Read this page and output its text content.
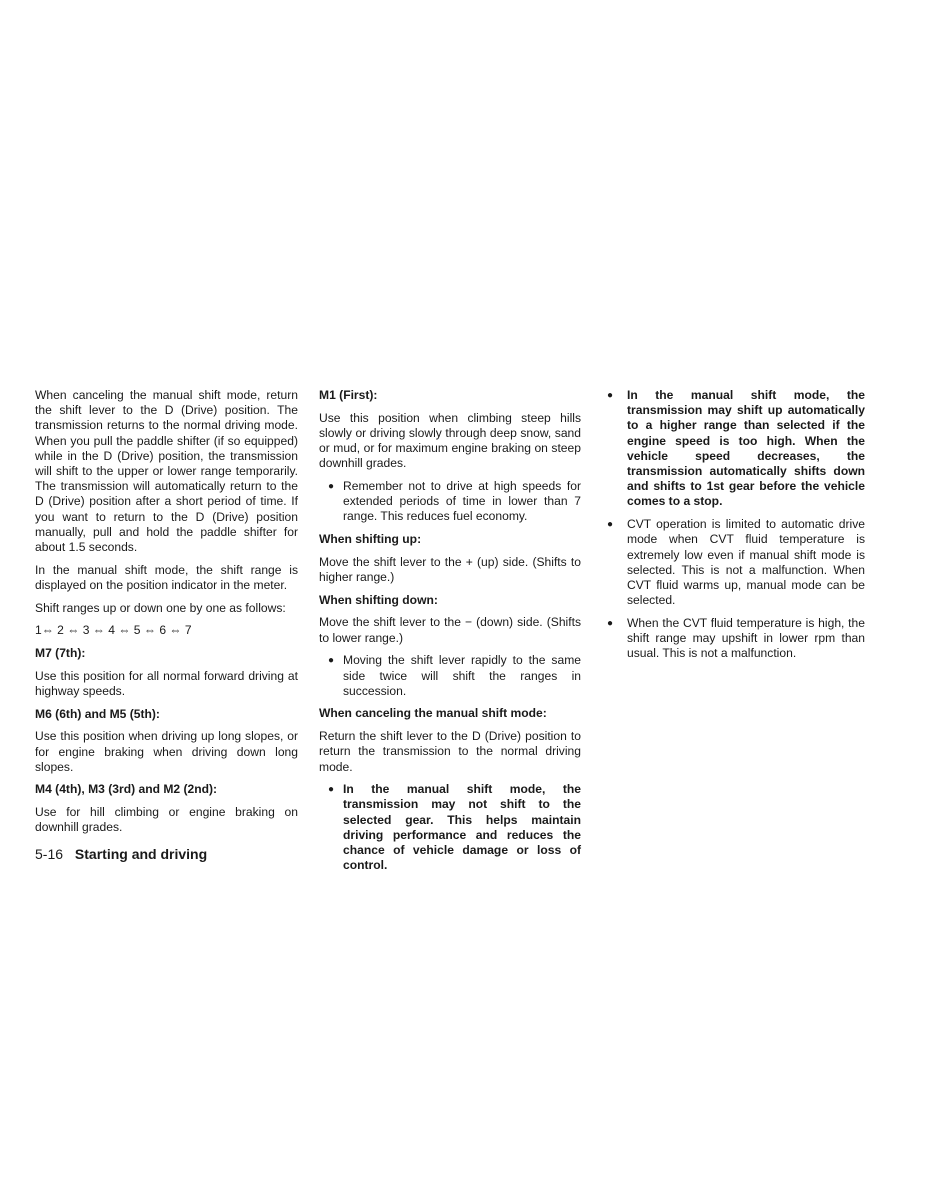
When canceling the manual shift mode, return the shift lever to the D (Drive) position. The transmission returns to the normal driving mode. When you pull the paddle shifter (if so equipped) while in the D (Drive) position, the transmission will shift to the upper or lower range temporarily. The transmission will automatically return to the D (Drive) position after a short period of time. If you want to return to the D (Drive) position manually, pull and hold the paddle shifter for about 1.5 seconds.

In the manual shift mode, the shift range is displayed on the position indicator in the meter.

Shift ranges up or down one by one as follows:

1⇔ 2 ⇔ 3 ⇔ 4 ⇔ 5 ⇔ 6 ⇔ 7
M7 (7th):

Use this position for all normal forward driving at highway speeds.

M6 (6th) and M5 (5th):

Use this position when driving up long slopes, or for engine braking when driving down long slopes.

M4 (4th), M3 (3rd) and M2 (2nd):

Use for hill climbing or engine braking on downhill grades.

M1 (First):

Use this position when climbing steep hills slowly or driving slowly through deep snow, sand or mud, or for maximum engine braking on steep downhill grades.

● Remember not to drive at high speeds for extended periods of time in lower than 7 range. This reduces fuel economy.
When shifting up:

Move the shift lever to the + (up) side. (Shifts to higher range.)

When shifting down:

Move the shift lever to the − (down) side. (Shifts to lower range.)

● Moving the shift lever rapidly to the same side twice will shift the ranges in succession.
When canceling the manual shift mode:

Return the shift lever to the D (Drive) position to return the transmission to the normal driving mode.

● In the manual shift mode, the transmission may not shift to the selected gear. This helps maintain driving performance and reduces the chance of vehicle damage or loss of control.
●	In the manual shift mode, the transmission may shift up automatically to a higher range than selected if the engine speed is too high. When the vehicle speed decreases, the transmission automatically shifts down and shifts to 1st gear before the vehicle comes to a stop.
●	CVT operation is limited to automatic drive mode when CVT fluid temperature is extremely low even if manual shift mode is selected. This is not a malfunction. When CVT fluid warms up, manual mode can be selected.
●	When the CVT fluid temperature is high, the shift range may upshift in lower rpm than usual. This is not a malfunction.
5-16 Starting and driving
